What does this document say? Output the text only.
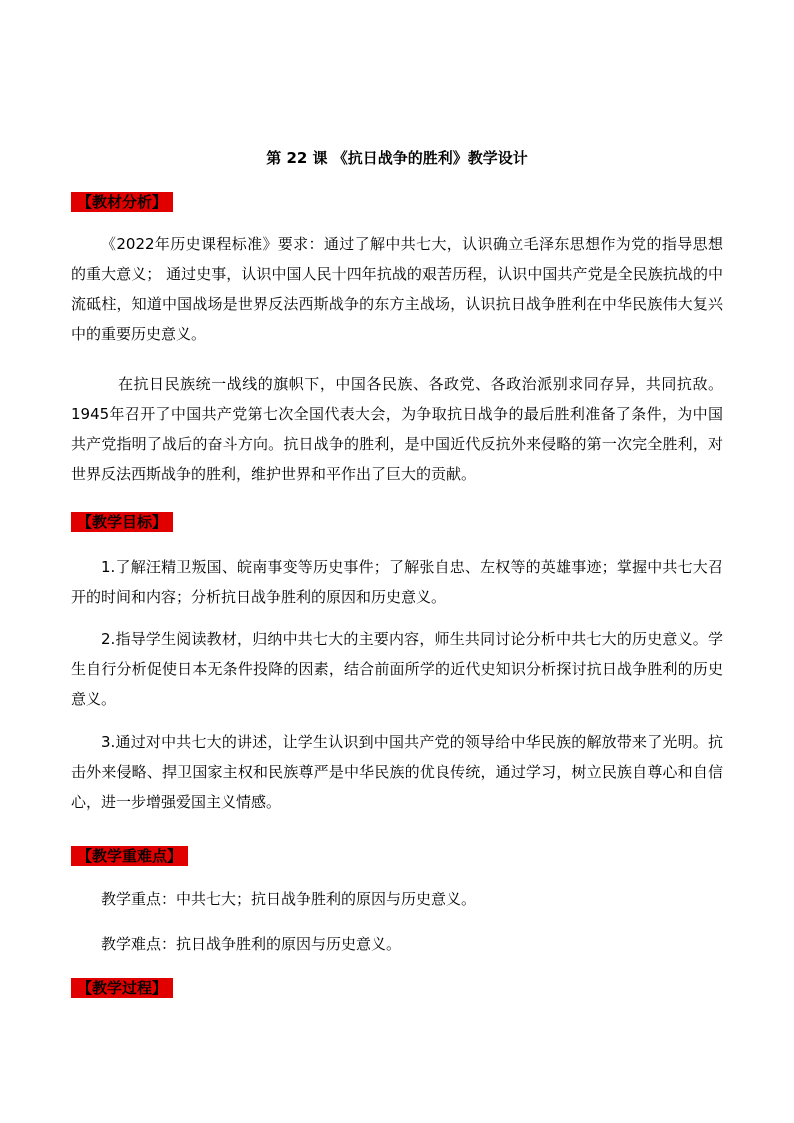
第 22 课 《抗日战争的胜利》教学设计
【教材分析】
《2022年历史课程标准》要求：通过了解中共七大，认识确立毛泽东思想作为党的指导思想的重大意义； 通过史事，认识中国人民十四年抗战的艰苦历程，认识中国共产党是全民族抗战的中流砥柱，知道中国战场是世界反法西斯战争的东方主战场，认识抗日战争胜利在中华民族伟大复兴中的重要历史意义。
在抗日民族统一战线的旗帜下，中国各民族、各政党、各政治派别求同存异，共同抗敌。1945年召开了中国共产党第七次全国代表大会，为争取抗日战争的最后胜利准备了条件，为中国共产党指明了战后的奋斗方向。抗日战争的胜利，是中国近代反抗外来侵略的第一次完全胜利，对世界反法西斯战争的胜利，维护世界和平作出了巨大的贡献。
【教学目标】
1.了解汪精卫叛国、皖南事变等历史事件；了解张自忠、左权等的英雄事迹；掌握中共七大召开的时间和内容；分析抗日战争胜利的原因和历史意义。
2.指导学生阅读教材，归纳中共七大的主要内容，师生共同讨论分析中共七大的历史意义。学生自行分析促使日本无条件投降的因素，结合前面所学的近代史知识分析探讨抗日战争胜利的历史意义。
3.通过对中共七大的讲述，让学生认识到中国共产党的领导给中华民族的解放带来了光明。抗击外来侵略、捍卫国家主权和民族尊严是中华民族的优良传统，通过学习，树立民族自尊心和自信心，进一步增强爱国主义情感。
【教学重难点】
教学重点：中共七大；抗日战争胜利的原因与历史意义。
教学难点：抗日战争胜利的原因与历史意义。
【教学过程】
